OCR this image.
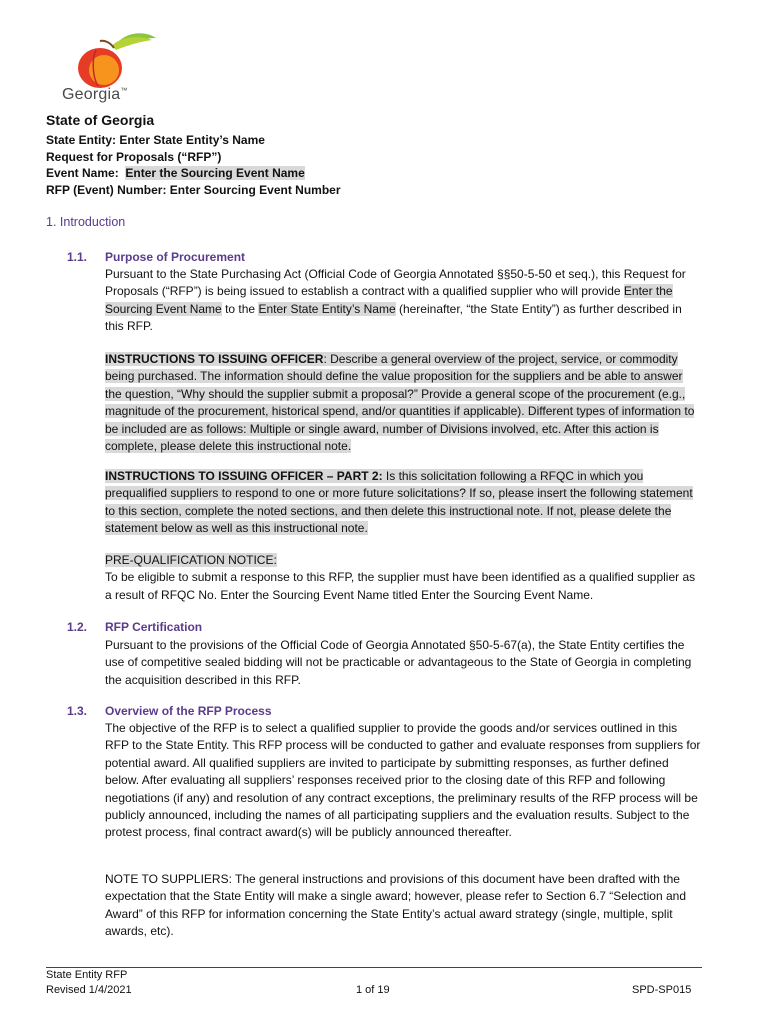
Georgia™
State of Georgia
State Entity: Enter State Entity’s Name
Request for Proposals (“RFP”)
Event Name: Enter the Sourcing Event Name
RFP (Event) Number: Enter Sourcing Event Number
1. Introduction
1.1. Purpose of Procurement
Pursuant to the State Purchasing Act (Official Code of Georgia Annotated §§50-5-50 et seq.), this Request for Proposals (“RFP”) is being issued to establish a contract with a qualified supplier who will provide Enter the Sourcing Event Name to the Enter State Entity’s Name (hereinafter, “the State Entity”) as further described in this RFP.
INSTRUCTIONS TO ISSUING OFFICER: Describe a general overview of the project, service, or commodity being purchased. The information should define the value proposition for the suppliers and be able to answer the question, “Why should the supplier submit a proposal?” Provide a general scope of the procurement (e.g., magnitude of the procurement, historical spend, and/or quantities if applicable). Different types of information to be included are as follows: Multiple or single award, number of Divisions involved, etc. After this action is complete, please delete this instructional note.
INSTRUCTIONS TO ISSUING OFFICER – PART 2: Is this solicitation following a RFQC in which you prequalified suppliers to respond to one or more future solicitations? If so, please insert the following statement to this section, complete the noted sections, and then delete this instructional note. If not, please delete the statement below as well as this instructional note.
PRE-QUALIFICATION NOTICE:
To be eligible to submit a response to this RFP, the supplier must have been identified as a qualified supplier as a result of RFQC No. Enter the Sourcing Event Name titled Enter the Sourcing Event Name.
1.2. RFP Certification
Pursuant to the provisions of the Official Code of Georgia Annotated §50-5-67(a), the State Entity certifies the use of competitive sealed bidding will not be practicable or advantageous to the State of Georgia in completing the acquisition described in this RFP.
1.3. Overview of the RFP Process
The objective of the RFP is to select a qualified supplier to provide the goods and/or services outlined in this RFP to the State Entity. This RFP process will be conducted to gather and evaluate responses from suppliers for potential award. All qualified suppliers are invited to participate by submitting responses, as further defined below. After evaluating all suppliers’ responses received prior to the closing date of this RFP and following negotiations (if any) and resolution of any contract exceptions, the preliminary results of the RFP process will be publicly announced, including the names of all participating suppliers and the evaluation results. Subject to the protest process, final contract award(s) will be publicly announced thereafter.
NOTE TO SUPPLIERS: The general instructions and provisions of this document have been drafted with the expectation that the State Entity will make a single award; however, please refer to Section 6.7 “Selection and Award” of this RFP for information concerning the State Entity’s actual award strategy (single, multiple, split awards, etc).
State Entity RFP
Revised 1/4/2021	1 of 19	SPD-SP015
